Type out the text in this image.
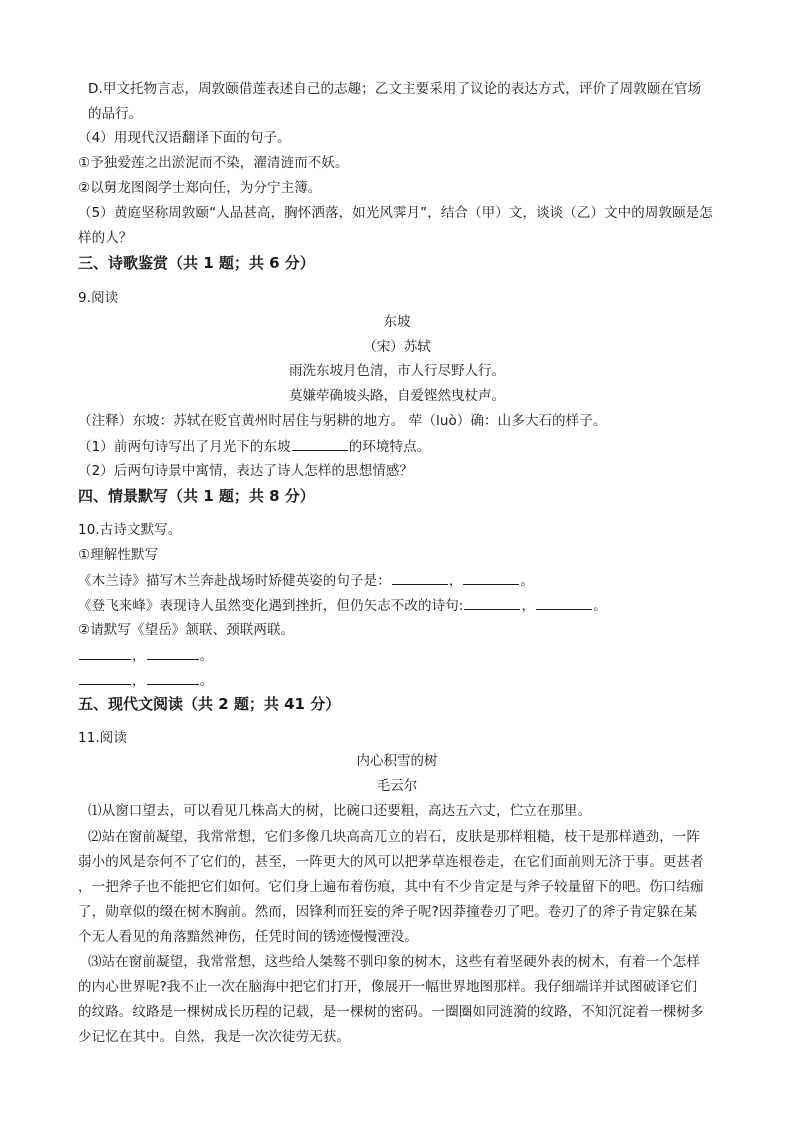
D.甲文托物言志，周敦颐借莲表述自己的志趣；乙文主要采用了议论的表达方式，评价了周敦颐在官场
的品行。
（4）用现代汉语翻译下面的句子。
①予独爱莲之出淤泥而不染，濯清涟而不妖。
②以舅龙图阁学士郑向任，为分宁主簿。
（5）黄庭坚称周敦颐“人品甚高，胸怀洒落，如光风霁月”，结合（甲）文，谈谈（乙）文中的周敦颐是怎
样的人？
三、诗歌鉴赏（共 1 题；共 6 分）
9.阅读
东坡
（宋）苏轼
雨洗东坡月色清，市人行尽野人行。
莫嫌荦确坡头路，自爱铿然曳杖声。
（注释）东坡：苏轼在贬官黄州时居住与躬耕的地方。 荦（luò）确：山多大石的样子。
（1）前两句诗写出了月光下的东坡	的环境特点。
（2）后两句诗景中寓情，表达了诗人怎样的思想情感？
四、情景默写（共 1 题；共 8 分）
10.古诗文默写。
①理解性默写
《木兰诗》描写木兰奔赴战场时矫健英姿的句子是：	，	。
《登飞来峰》表现诗人虽然变化遇到挫折，但仍矢志不改的诗句:	，	。
②请默写《望岳》颔联、颈联两联。
，	。
，	。
五、现代文阅读（共 2 题；共 41 分）
11.阅读
内心积雪的树
毛云尔
⑴从窗口望去，可以看见几株高大的树，比碗口还要粗，高达五六丈，伫立在那里。
⑵站在窗前凝望，我常常想，它们多像几块高高兀立的岩石，皮肤是那样粗糙，枝干是那样遒劲，一阵
弱小的风是奈何不了它们的，甚至，一阵更大的风可以把茅草连根卷走，在它们面前则无济于事。更甚者
，一把斧子也不能把它们如何。它们身上遍布着伤痕，其中有不少肯定是与斧子较量留下的吧。伤口结痂
了，勋章似的缀在树木胸前。然而，因锋利而狂妄的斧子呢?因莽撞卷刃了吧。卷刃了的斧子肯定躲在某
个无人看见的角落黯然神伤，任凭时间的锈迹慢慢湮没。
⑶站在窗前凝望，我常常想，这些给人桀骜不驯印象的树木，这些有着坚硬外表的树木，有着一个怎样
的内心世界呢?我不止一次在脑海中把它们打开，像展开一幅世界地图那样。我仔细端详并试图破译它们
的纹路。纹路是一棵树成长历程的记载，是一棵树的密码。一圈圈如同涟漪的纹路，不知沉淀着一棵树多
少记忆在其中。自然，我是一次次徒劳无获。
